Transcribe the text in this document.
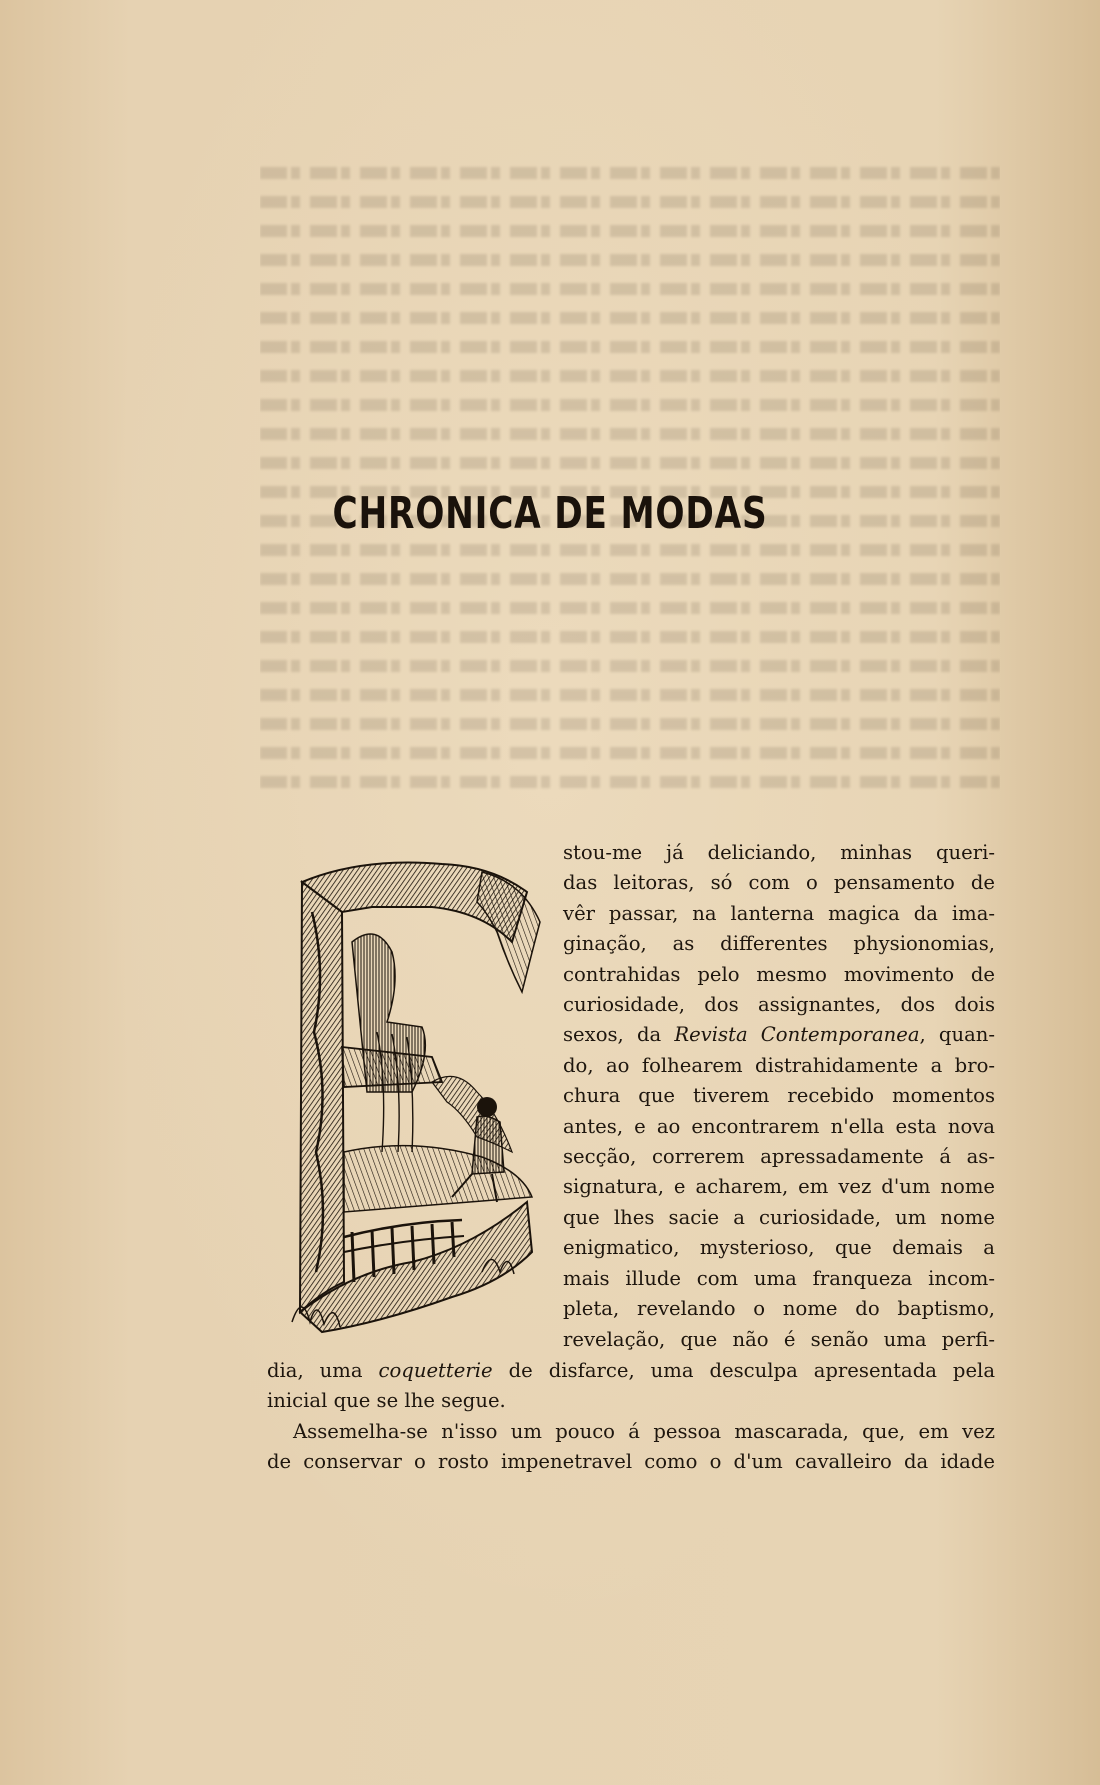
CHRONICA DE MODAS
stou-me já deliciando, minhas queri-
das leitoras, só com o pensamento de
vêr passar, na lanterna magica da ima-
ginação, as differentes physionomias,
contrahidas pelo mesmo movimento de
curiosidade, dos assignantes, dos dois
sexos, da Revista Contemporanea, quan-
do, ao folhearem distrahidamente a bro-
chura que tiverem recebido momentos
antes, e ao encontrarem n'ella esta nova
secção, correrem apressadamente á as-
signatura, e acharem, em vez d'um nome
que lhes sacie a curiosidade, um nome
enigmatico, mysterioso, que demais a
mais illude com uma franqueza incom-
pleta, revelando o nome do baptismo,
revelação, que não é senão uma perfi-
dia, uma coquetterie de disfarce, uma desculpa apresentada pela
inicial que se lhe segue.
Assemelha-se n'isso um pouco á pessoa mascarada, que, em vez
de conservar o rosto impenetravel como o d'um cavalleiro da idade
